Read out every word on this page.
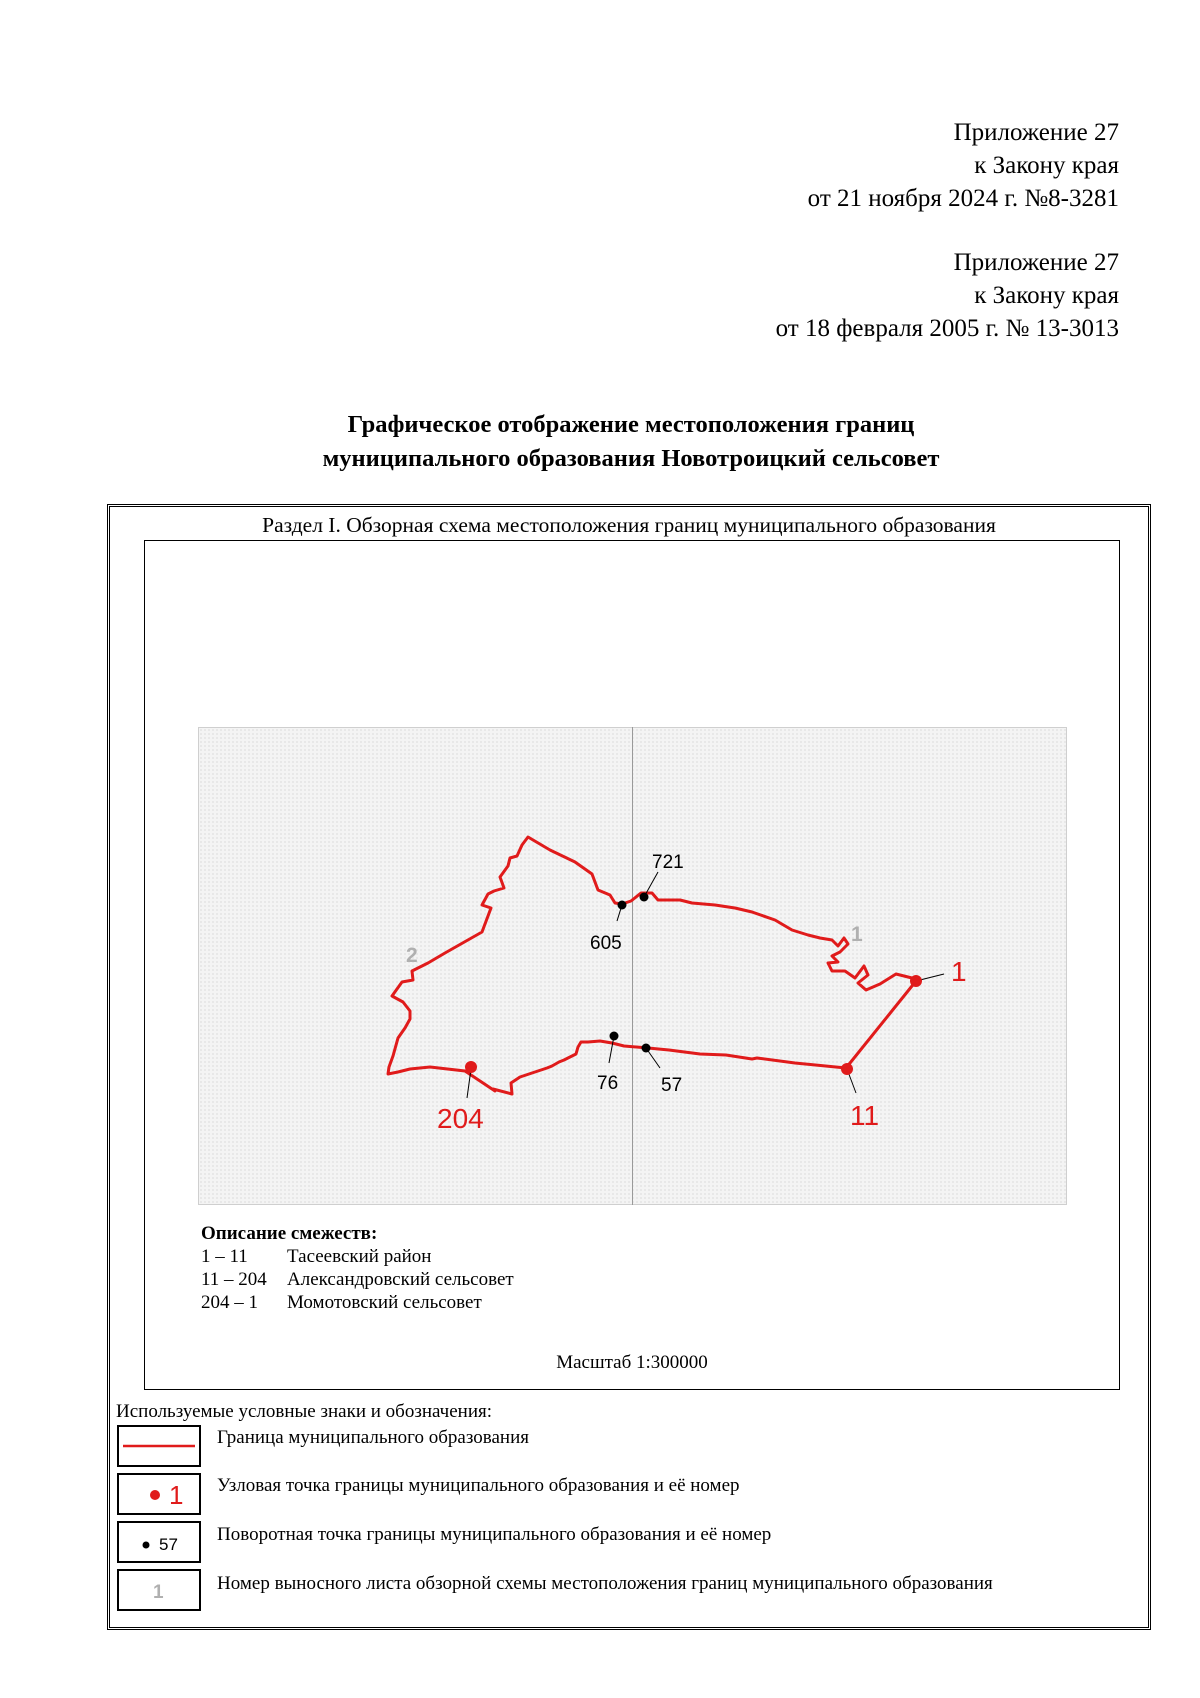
Приложение 27
к Закону края
от 21 ноября 2024 г. №8-3281
Приложение 27
к Закону края
от 18 февраля 2005 г. № 13-3013
Графическое отображение местоположения границ
муниципального образования Новотроицкий сельсовет
Раздел I. Обзорная схема местоположения границ муниципального образования
721
605
76 57
1
11
204
1
2
Описание смежеств:
1 – 11 Тасеевский район
11 – 204 Александровский сельсовет
204 – 1 Момотовский сельсовет
Масштаб 1:300000
Используемые условные знаки и обозначения:
Граница муниципального образования
1 Узловая точка границы муниципального образования и её номер
57 Поворотная точка границы муниципального образования и её номер
1	Номер выносного листа обзорной схемы местоположения границ муниципального образования
